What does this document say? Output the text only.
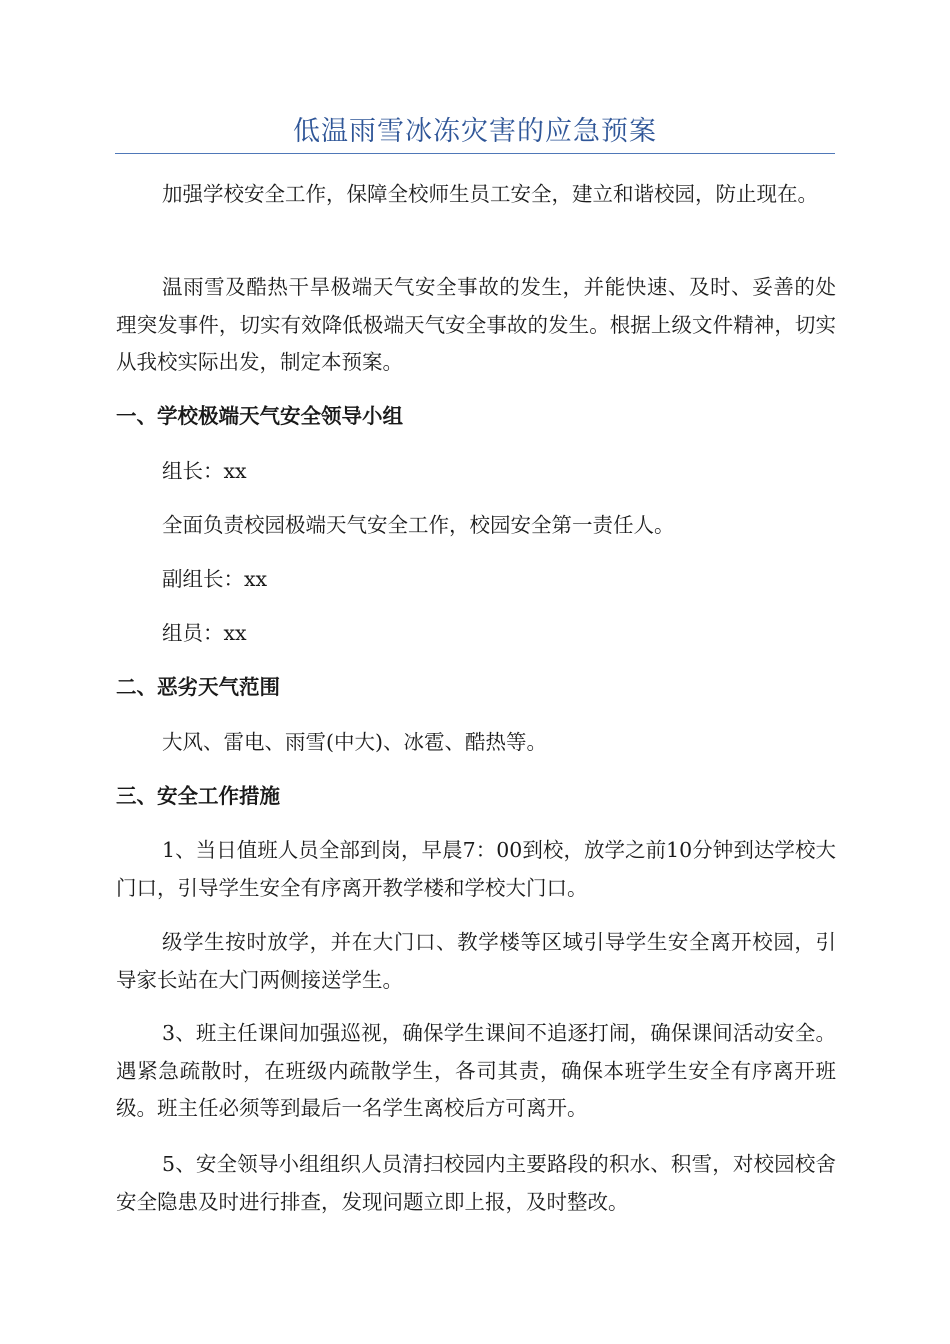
低温雨雪冰冻灾害的应急预案

加强学校安全工作，保障全校师生员工安全，建立和谐校园，防止现在。

温雨雪及酷热干旱极端天气安全事故的发生，并能快速、及时、妥善的处理突发事件，切实有效降低极端天气安全事故的发生。根据上级文件精神，切实从我校实际出发，制定本预案。

一、学校极端天气安全领导小组

组长：xx

全面负责校园极端天气安全工作，校园安全第一责任人。

副组长：xx

组员：xx

二、恶劣天气范围

大风、雷电、雨雪(中大)、冰雹、酷热等。

三、安全工作措施

1、当日值班人员全部到岗，早晨7：00到校，放学之前10分钟到达学校大门口，引导学生安全有序离开教学楼和学校大门口。

级学生按时放学，并在大门口、教学楼等区域引导学生安全离开校园，引导家长站在大门两侧接送学生。

3、班主任课间加强巡视，确保学生课间不追逐打闹，确保课间活动安全。遇紧急疏散时，在班级内疏散学生，各司其责，确保本班学生安全有序离开班级。班主任必须等到最后一名学生离校后方可离开。

5、安全领导小组组织人员清扫校园内主要路段的积水、积雪，对校园校舍安全隐患及时进行排查，发现问题立即上报，及时整改。
